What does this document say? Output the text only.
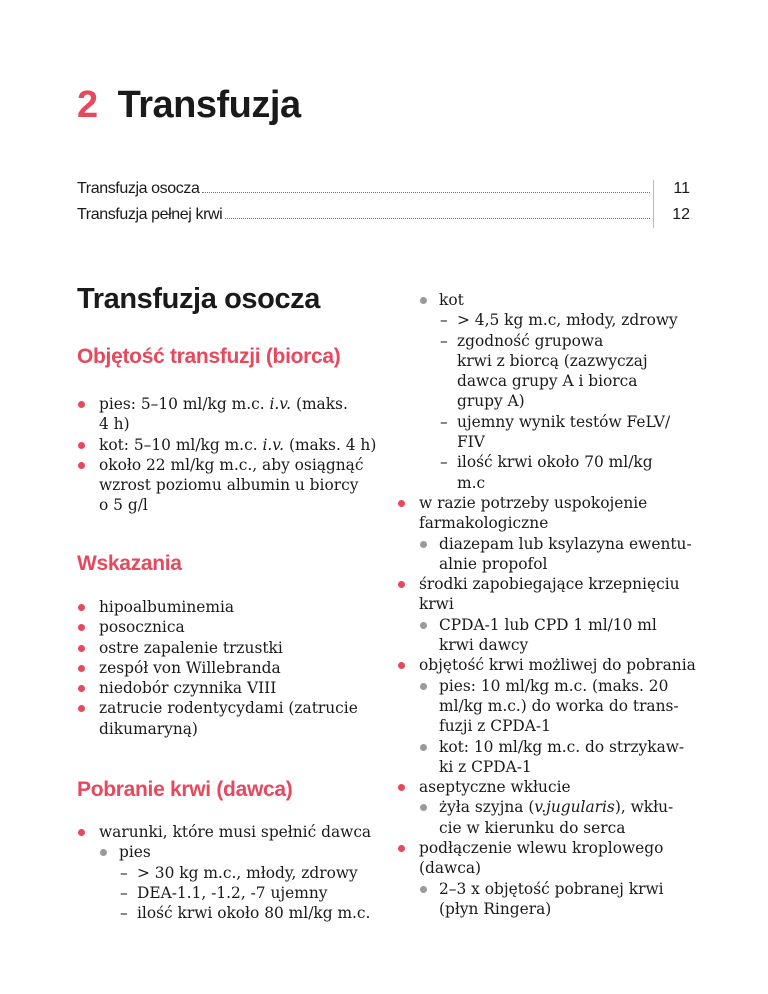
2 Transfuzja
Transfuzja osocza	11
Transfuzja pełnej krwi	12
Transfuzja osocza
Objętość transfuzji (biorca)
pies: 5–10 ml/kg m.c. i.v. (maks.
4 h)
kot: 5–10 ml/kg m.c. i.v. (maks. 4 h)
około 22 ml/kg m.c., aby osiągnąć
wzrost poziomu albumin u biorcy
o 5 g/l
Wskazania
hipoalbuminemia
posocznica
ostre zapalenie trzustki
zespół von Willebranda
niedobór czynnika VIII
zatrucie rodentycydami (zatrucie
dikumaryną)
Pobranie krwi (dawca)
warunki, które musi spełnić dawca
pies
– > 30 kg m.c., młody, zdrowy
– DEA-1.1, -1.2, -7 ujemny
– ilość krwi około 80 ml/kg m.c.
kot
– > 4,5 kg m.c, młody, zdrowy
– zgodność grupowa
krwi z biorcą (zazwyczaj
dawca grupy A i biorca
grupy A)
– ujemny wynik testów FeLV/
FIV
– ilość krwi około 70 ml/kg
m.c
w razie potrzeby uspokojenie
farmakologiczne
diazepam lub ksylazyna ewentu-
alnie propofol
środki zapobiegające krzepnięciu
krwi
CPDA-1 lub CPD 1 ml/10 ml
krwi dawcy
objętość krwi możliwej do pobrania
pies: 10 ml/kg m.c. (maks. 20
ml/kg m.c.) do worka do trans-
fuzji z CPDA-1
kot: 10 ml/kg m.c. do strzykaw-
ki z CPDA-1
aseptyczne wkłucie
żyła szyjna (v.jugularis), wkłu-
cie w kierunku do serca
podłączenie wlewu kroplowego
(dawca)
2–3 x objętość pobranej krwi
(płyn Ringera)
